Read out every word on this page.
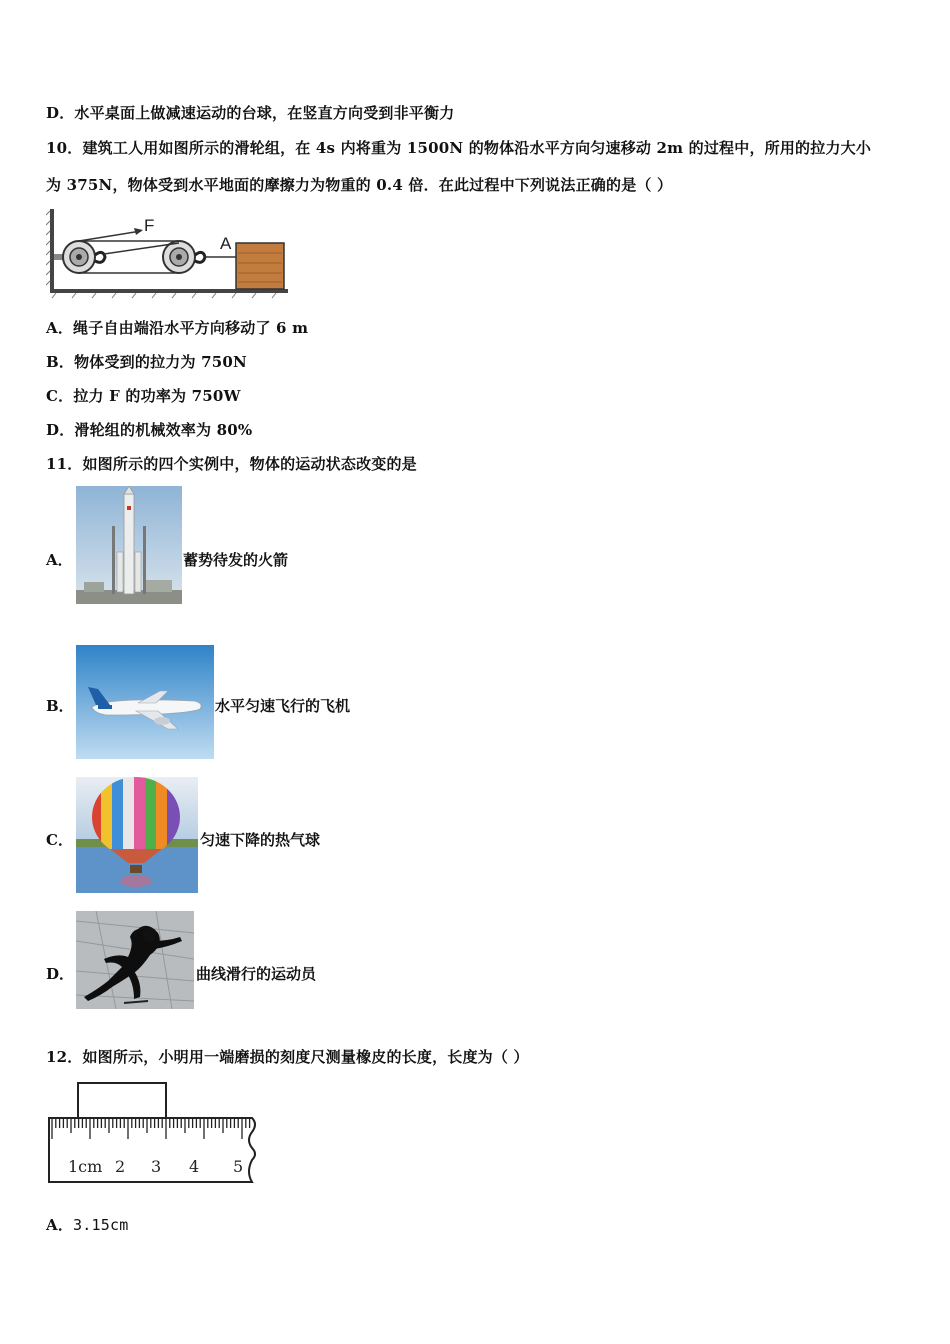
D．水平桌面上做减速运动的台球，在竖直方向受到非平衡力
10．建筑工人用如图所示的滑轮组，在 4s 内将重为 1500N 的物体沿水平方向匀速移动 2m 的过程中，所用的拉力大小
为 375N，物体受到水平地面的摩擦力为物重的 0.4 倍．在此过程中下列说法正确的是（ ）
F
A
A．绳子自由端沿水平方向移动了 6 m
B．物体受到的拉力为 750N
C．拉力 F 的功率为 750W
D．滑轮组的机械效率为 80%
11．如图所示的四个实例中，物体的运动状态改变的是
A．	蓄势待发的火箭
B．	水平匀速飞行的飞机
C．	匀速下降的热气球
D．	曲线滑行的运动员
12．如图所示，小明用一端磨损的刻度尺测量橡皮的长度，长度为（ ）
1cm 2 3 4 5
A．3.15cm
